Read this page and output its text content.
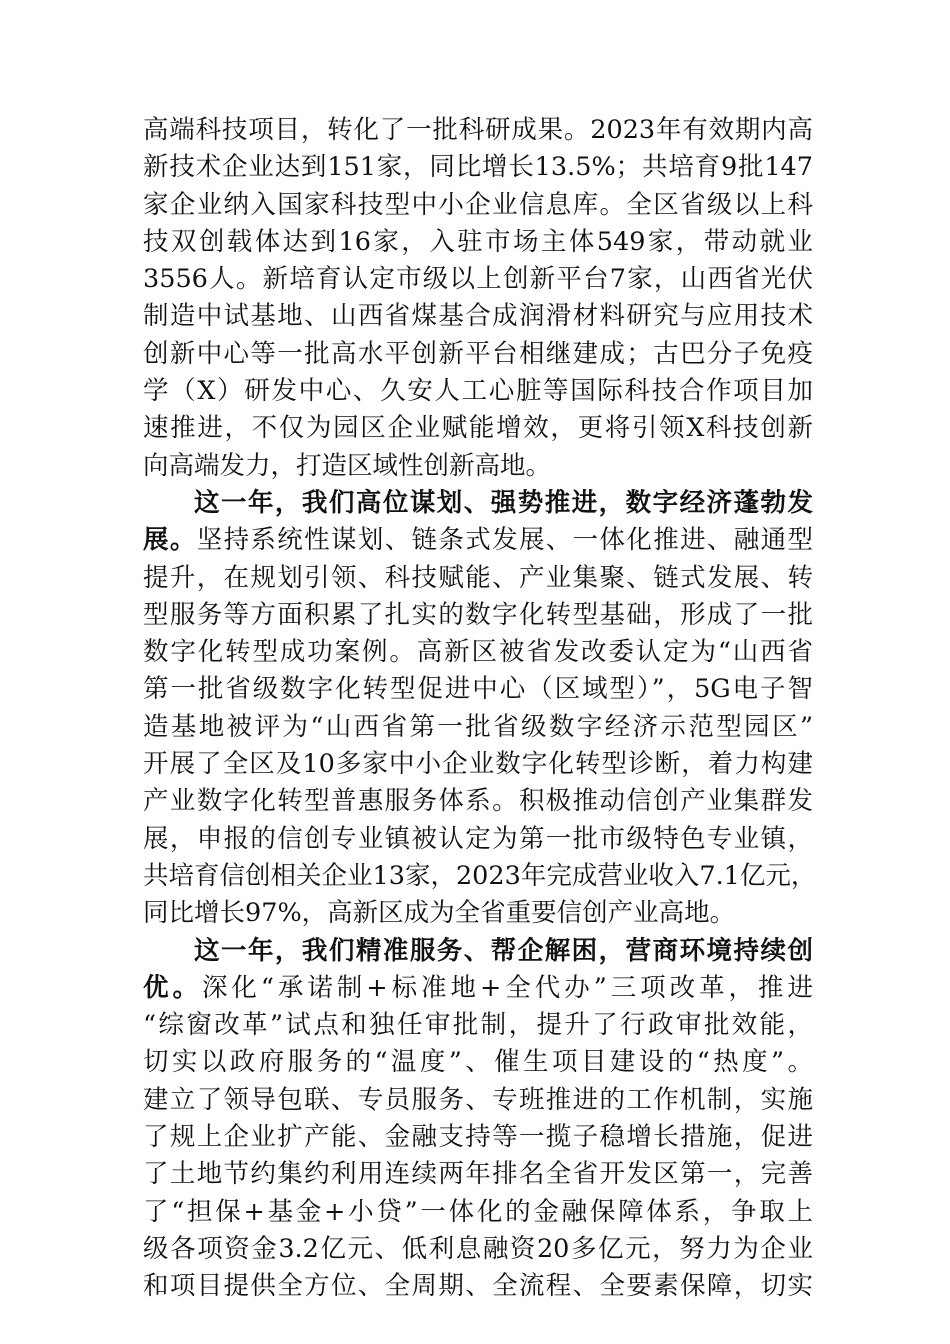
高端科技项目，转化了一批科研成果。2023年有效期内高
新技术企业达到151家，同比增长13.5%；共培育9批147
家企业纳入国家科技型中小企业信息库。全区省级以上科
技双创载体达到16家，入驻市场主体549家，带动就业
3556人。新培育认定市级以上创新平台7家，山西省光伏
制造中试基地、山西省煤基合成润滑材料研究与应用技术
创新中心等一批高水平创新平台相继建成；古巴分子免疫
学（X）研发中心、久安人工心脏等国际科技合作项目加
速推进，不仅为园区企业赋能增效，更将引领X科技创新
向高端发力，打造区域性创新高地。
这一年，我们高位谋划、强势推进，数字经济蓬勃发
展。坚持系统性谋划、链条式发展、一体化推进、融通型
提升，在规划引领、科技赋能、产业集聚、链式发展、转
型服务等方面积累了扎实的数字化转型基础，形成了一批
数字化转型成功案例。高新区被省发改委认定为“山西省
第一批省级数字化转型促进中心（区域型）”，5G电子智
造基地被评为“山西省第一批省级数字经济示范型园区”
开展了全区及10多家中小企业数字化转型诊断，着力构建
产业数字化转型普惠服务体系。积极推动信创产业集群发
展，申报的信创专业镇被认定为第一批市级特色专业镇，
共培育信创相关企业13家，2023年完成营业收入7.1亿元，
同比增长97%，高新区成为全省重要信创产业高地。
这一年，我们精准服务、帮企解困，营商环境持续创
优。深化“承诺制+标准地+全代办”三项改革，推进
“综窗改革”试点和独任审批制，提升了行政审批效能，
切实以政府服务的“温度”、催生项目建设的“热度”。
建立了领导包联、专员服务、专班推进的工作机制，实施
了规上企业扩产能、金融支持等一揽子稳增长措施，促进
了土地节约集约利用连续两年排名全省开发区第一，完善
了“担保+基金+小贷”一体化的金融保障体系，争取上
级各项资金3.2亿元、低利息融资20多亿元，努力为企业
和项目提供全方位、全周期、全流程、全要素保障，切实
